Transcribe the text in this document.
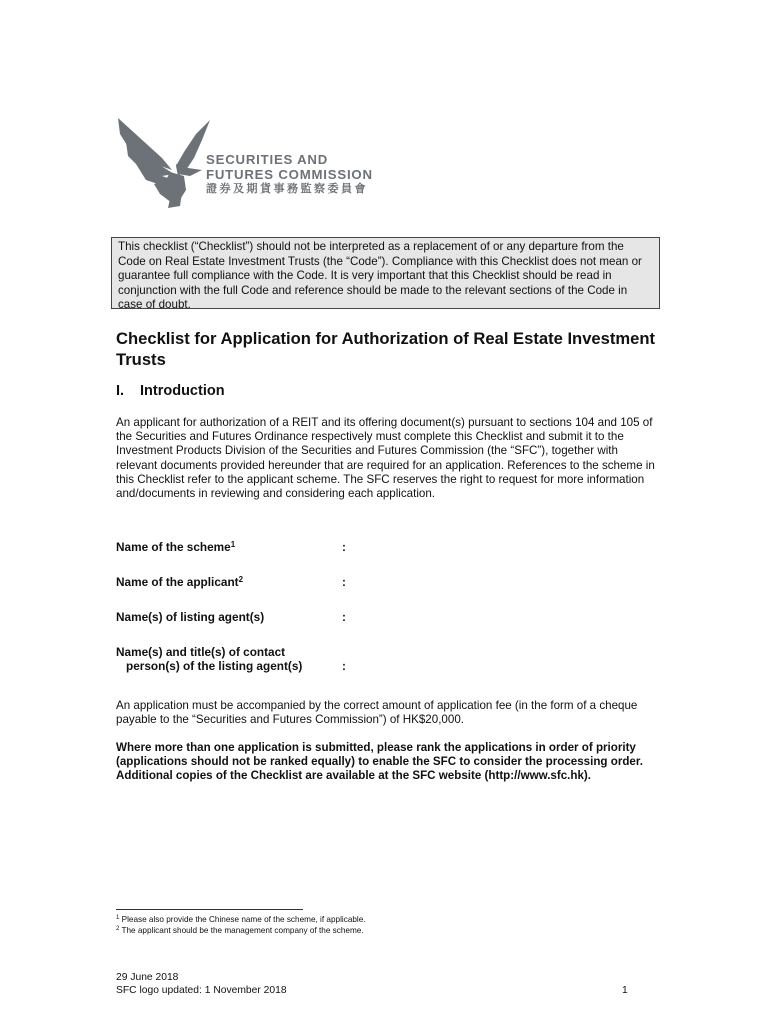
SECURITIES AND
FUTURES COMMISSION
證券及期貨事務監察委員會
This checklist (“Checklist”) should not be interpreted as a replacement of or any departure from the Code on Real Estate Investment Trusts (the “Code”). Compliance with this Checklist does not mean or guarantee full compliance with the Code. It is very important that this Checklist should be read in conjunction with the full Code and reference should be made to the relevant sections of the Code in case of doubt.
Checklist for Application for Authorization of Real Estate Investment Trusts
I. Introduction

An applicant for authorization of a REIT and its offering document(s) pursuant to sections 104 and 105 of the Securities and Futures Ordinance respectively must complete this Checklist and submit it to the Investment Products Division of the Securities and Futures Commission (the “SFC”), together with relevant documents provided hereunder that are required for an application. References to the scheme in this Checklist refer to the applicant scheme. The SFC reserves the right to request for more information and/documents in reviewing and considering each application.

Name of the scheme$^1$	:
Name of the applicant$^2$	:
Name(s) of listing agent(s)	:
Name(s) and title(s) of contact
person(s) of the listing agent(s)	:

An application must be accompanied by the correct amount of application fee (in the form of a cheque payable to the “Securities and Futures Commission”) of HK$20,000.

Where more than one application is submitted, please rank the applications in order of priority (applications should not be ranked equally) to enable the SFC to consider the processing order. Additional copies of the Checklist are available at the SFC website (http://www.sfc.hk).

$^1$ Please also provide the Chinese name of the scheme, if applicable.
$^2$ The applicant should be the management company of the scheme.
29 June 2018
SFC logo updated: 1 November 2018	1
